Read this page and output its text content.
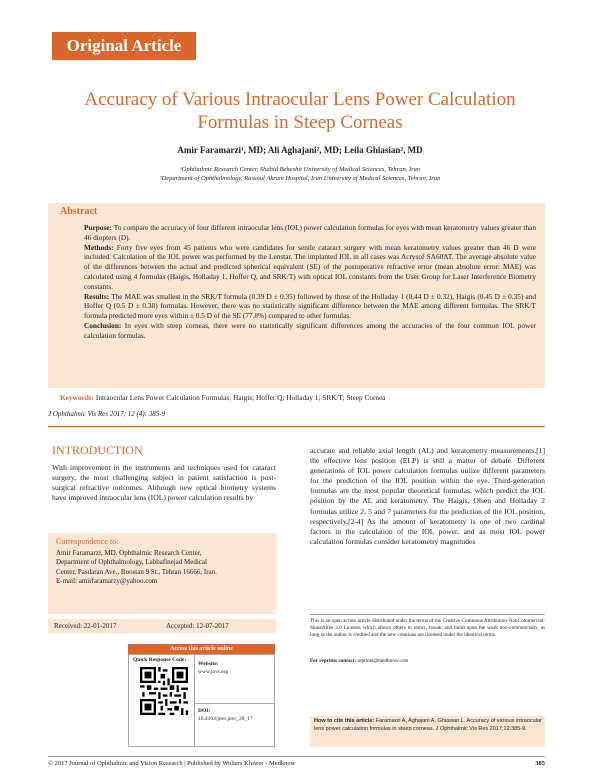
Original Article
Accuracy of Various Intraocular Lens Power Calculation
Formulas in Steep Corneas
Amir Faramarzi¹, MD; Ali Aghajani², MD; Leila Ghiasian², MD
¹Ophthalmic Research Center, Shahid Beheshti University of Medical Sciences, Tehran, Iran
²Department of Ophthalmology, Rassoul Akram Hospital, Iran University of Medical Sciences, Tehran, Iran
Abstract

Purpose: To compare the accuracy of four different intraocular lens (IOL) power calculation formulas for eyes with mean keratometry values greater than 46 diopters (D).

Methods: Forty five eyes from 45 patients who were candidates for senile cataract surgery with mean keratometry values greater than 46 D were included. Calculation of the IOL power was performed by the Lenstar. The implanted IOL in all cases was Acrysof SA60AT. The average absolute value of the differences between the actual and predicted spherical equivalent (SE) of the postoperative refractive error (mean absolute error: MAE) was calculated using 4 formulas (Haigis, Holladay 1, Hoffer Q, and SRK/T) with optical IOL constants from the User Group for Laser Interference Biometry constants.

Results: The MAE was smallest in the SRK/T formula (0.39 D ± 0.35) followed by those of the Holladay 1 (0.44 D ± 0.32), Haigis (0.45 D ± 0.35) and Hoffer Q (0.5 D ± 0.38) formulas. However, there was no statistically significant difference between the MAE among different formulas. The SRK/T formula predicted more eyes within ± 0.5 D of the SE (77.8%) compared to other formulas.

Conclusion: In eyes with steep corneas, there were no statistically significant differences among the accuracies of the four common IOL power calculation formulas.

Keywords: Intraocular Lens Power Calculation Formulas; Haigis; Hoffer Q; Holladay 1; SRK/T; Steep Cornea
J Ophthalmic Vis Res 2017; 12 (4): 385-9
INTRODUCTION
With improvement in the instruments and techniques used for cataract surgery, the most challenging subject in patient satisfaction is post-surgical refractive outcomes. Although new optical biometry systems have improved intraocular lens (IOL) power calculation results by
accurate and reliable axial length (AL) and keratometry measurements,[1] the effective lens position (ELP) is still a matter of debate. Different generations of IOL power calculation formulas utilize different parameters for the prediction of the IOL position within the eye. Third-generation formulas are the most popular theoretical formulas, which predict the IOL position by the AL and keratometry. The Haigis, Olsen and Holladay 2 formulas utilize 2, 5 and 7 parameters for the prediction of the IOL position, respectively.[2-4] As the amount of keratometry is one of two cardinal factors in the calculation of the IOL power, and as most IOL power calculation formulas consider keratometry magnitudes
Correspondence to:
Amir Faramarzi, MD. Ophthalmic Research Center,
Department of Ophthalmology, Labbafinejad Medical
Center, Pasdaran Ave., Boostan 9 St., Tehran 16666, Iran.
E-mail: amirfaramarzy@yahoo.com
Received: 22-01-2017	Accepted: 12-07-2017
Access this article online
Quick Response Code:
Website:
www.jovr.org
DOI:
10.4103/jovr.jovr_20_17
This is an open access article distributed under the terms of the Creative Commons Attribution-NonCommercial-ShareAlike 3.0 License, which allows others to remix, tweak, and build upon the work non-commercially, as long as the author is credited and the new creations are licensed under the identical terms.
For reprints contact: reprints@medknow.com
How to cite this article: Faramarzi A, Aghajani A, Ghiasian L. Accuracy of various intraocular lens power calculation formulas in steep corneas. J Ophthalmic Vis Res 2017;12:385-9.
© 2017 Journal of Ophthalmic and Vision Research | Published by Wolters Kluwer - Medknow	385
